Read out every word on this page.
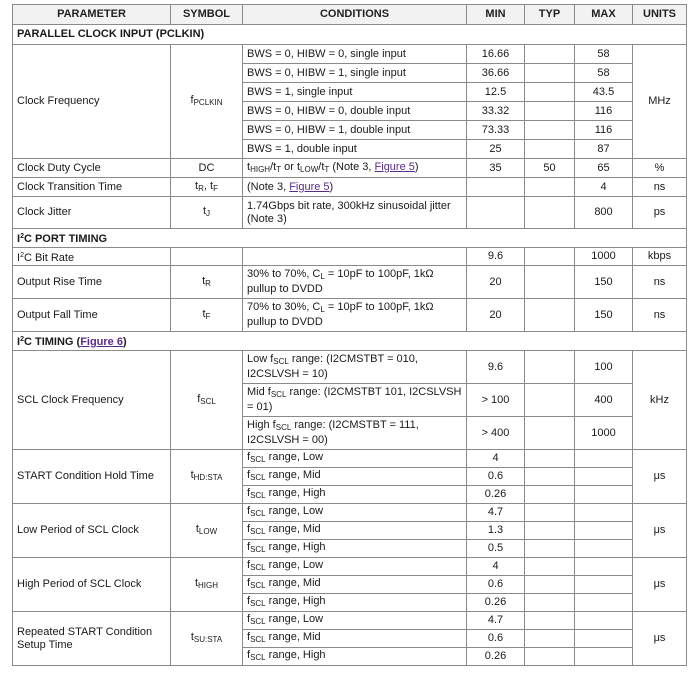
PARAMETER	SYMBOL	CONDITIONS	MIN	TYP	MAX	UNITS
PARALLEL CLOCK INPUT (PCLKIN)						
Clock Frequency	$f_{PCLKIN}$	BWS = 0, HIBW = 0, single input	16.66		58	MHz
		BWS = 0, HIBW = 1, single input	36.66		58	
		BWS = 1, single input	12.5		43.5	
		BWS = 0, HIBW = 0, double input	33.32		116	
		BWS = 0, HIBW = 1, double input	73.33		116	
		BWS = 1, double input	25		87	
Clock Duty Cycle	DC	$t_{HIGH}/t_T$ or $t_{LOW}/t_T$ (Note 3, Figure 5)	35	50	65	%
Clock Transition Time	$t_R$, $t_F$	(Note 3, Figure 5)			4	ns
Clock Jitter	$t_J$	1.74Gbps bit rate, 300kHz sinusoidal jitter (Note 3)			800	ps
$I^2C$ PORT TIMING						
$I^2C$ Bit Rate			9.6		1000	kbps
Output Rise Time	$t_R$	30% to 70%, $C_L = 10pF$ to 100pF, 1kΩ pullup to DVDD	20		150	ns
Output Fall Time	$t_F$	70% to 30%, $C_L = 10pF$ to 100pF, 1kΩ pullup to DVDD	20		150	ns
$I^2C$ TIMING (Figure 6)						
SCL Clock Frequency	$f_{SCL}$	Low $f_{SCL}$ range: (I2CMSTBT = 010, I2CSLVSH = 10)	9.6		100	kHz
		Mid $f_{SCL}$ range: (I2CMSTBT 101, I2CSLVSH = 01)	> 100		400	
		High $f_{SCL}$ range: (I2CMSTBT = 111, I2CSLVSH = 00)	> 400		1000	
START Condition Hold Time	$t_{HD:STA}$	$f_{SCL}$ range, Low	4			μs
		$f_{SCL}$ range, Mid	0.6			
		$f_{SCL}$ range, High	0.26			
Low Period of SCL Clock	$t_{LOW}$	$f_{SCL}$ range, Low	4.7			μs
		$f_{SCL}$ range, Mid	1.3			
		$f_{SCL}$ range, High	0.5			
High Period of SCL Clock	$t_{HIGH}$	$f_{SCL}$ range, Low	4			μs
		$f_{SCL}$ range, Mid	0.6			
		$f_{SCL}$ range, High	0.26			
Repeated START Condition Setup Time	$t_{SU:STA}$	$f_{SCL}$ range, Low	4.7			μs
		$f_{SCL}$ range, Mid	0.6			
		$f_{SCL}$ range, High	0.26			
